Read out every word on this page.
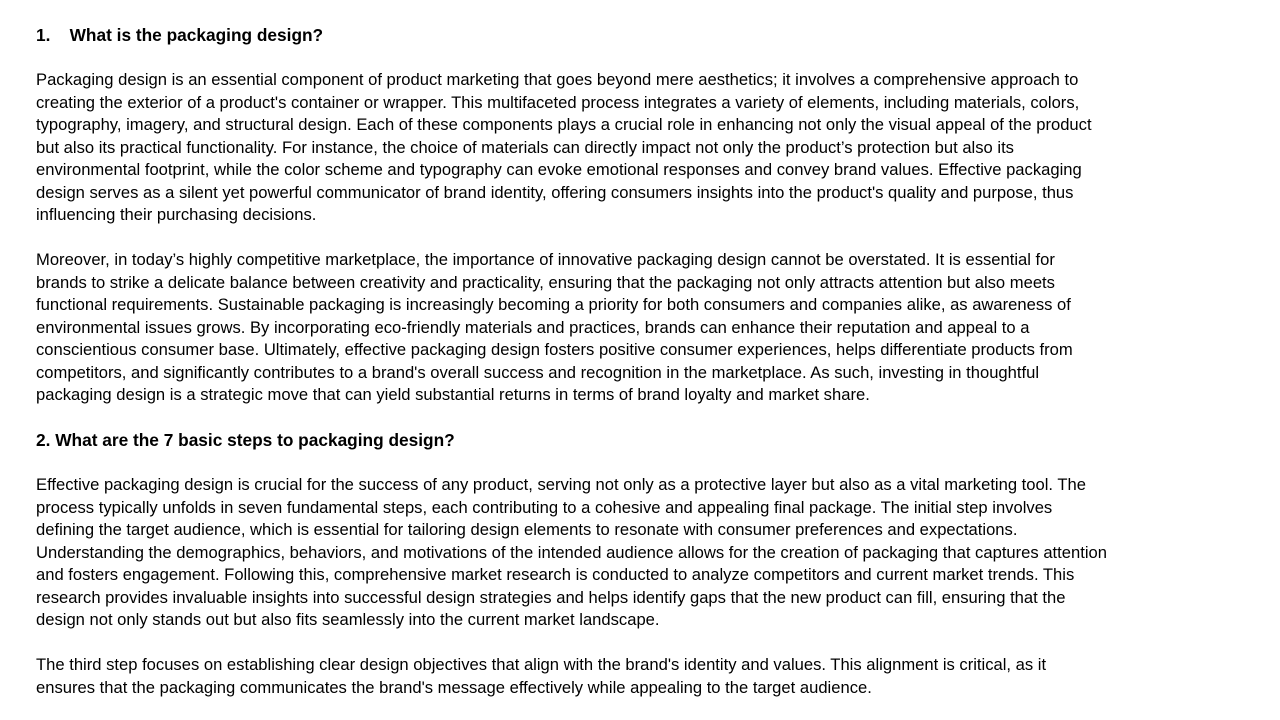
1.    What is the packaging design?

Packaging design is an essential component of product marketing that goes beyond mere aesthetics; it involves a comprehensive approach to
creating the exterior of a product's container or wrapper. This multifaceted process integrates a variety of elements, including materials, colors,
typography, imagery, and structural design. Each of these components plays a crucial role in enhancing not only the visual appeal of the product
but also its practical functionality. For instance, the choice of materials can directly impact not only the product’s protection but also its
environmental footprint, while the color scheme and typography can evoke emotional responses and convey brand values. Effective packaging
design serves as a silent yet powerful communicator of brand identity, offering consumers insights into the product's quality and purpose, thus
influencing their purchasing decisions.

Moreover, in today’s highly competitive marketplace, the importance of innovative packaging design cannot be overstated. It is essential for
brands to strike a delicate balance between creativity and practicality, ensuring that the packaging not only attracts attention but also meets
functional requirements. Sustainable packaging is increasingly becoming a priority for both consumers and companies alike, as awareness of
environmental issues grows. By incorporating eco-friendly materials and practices, brands can enhance their reputation and appeal to a
conscientious consumer base. Ultimately, effective packaging design fosters positive consumer experiences, helps differentiate products from
competitors, and significantly contributes to a brand's overall success and recognition in the marketplace. As such, investing in thoughtful
packaging design is a strategic move that can yield substantial returns in terms of brand loyalty and market share.

2. What are the 7 basic steps to packaging design?

Effective packaging design is crucial for the success of any product, serving not only as a protective layer but also as a vital marketing tool. The
process typically unfolds in seven fundamental steps, each contributing to a cohesive and appealing final package. The initial step involves
defining the target audience, which is essential for tailoring design elements to resonate with consumer preferences and expectations.
Understanding the demographics, behaviors, and motivations of the intended audience allows for the creation of packaging that captures attention
and fosters engagement. Following this, comprehensive market research is conducted to analyze competitors and current market trends. This
research provides invaluable insights into successful design strategies and helps identify gaps that the new product can fill, ensuring that the
design not only stands out but also fits seamlessly into the current market landscape.

The third step focuses on establishing clear design objectives that align with the brand's identity and values. This alignment is critical, as it
ensures that the packaging communicates the brand's message effectively while appealing to the target audience.
